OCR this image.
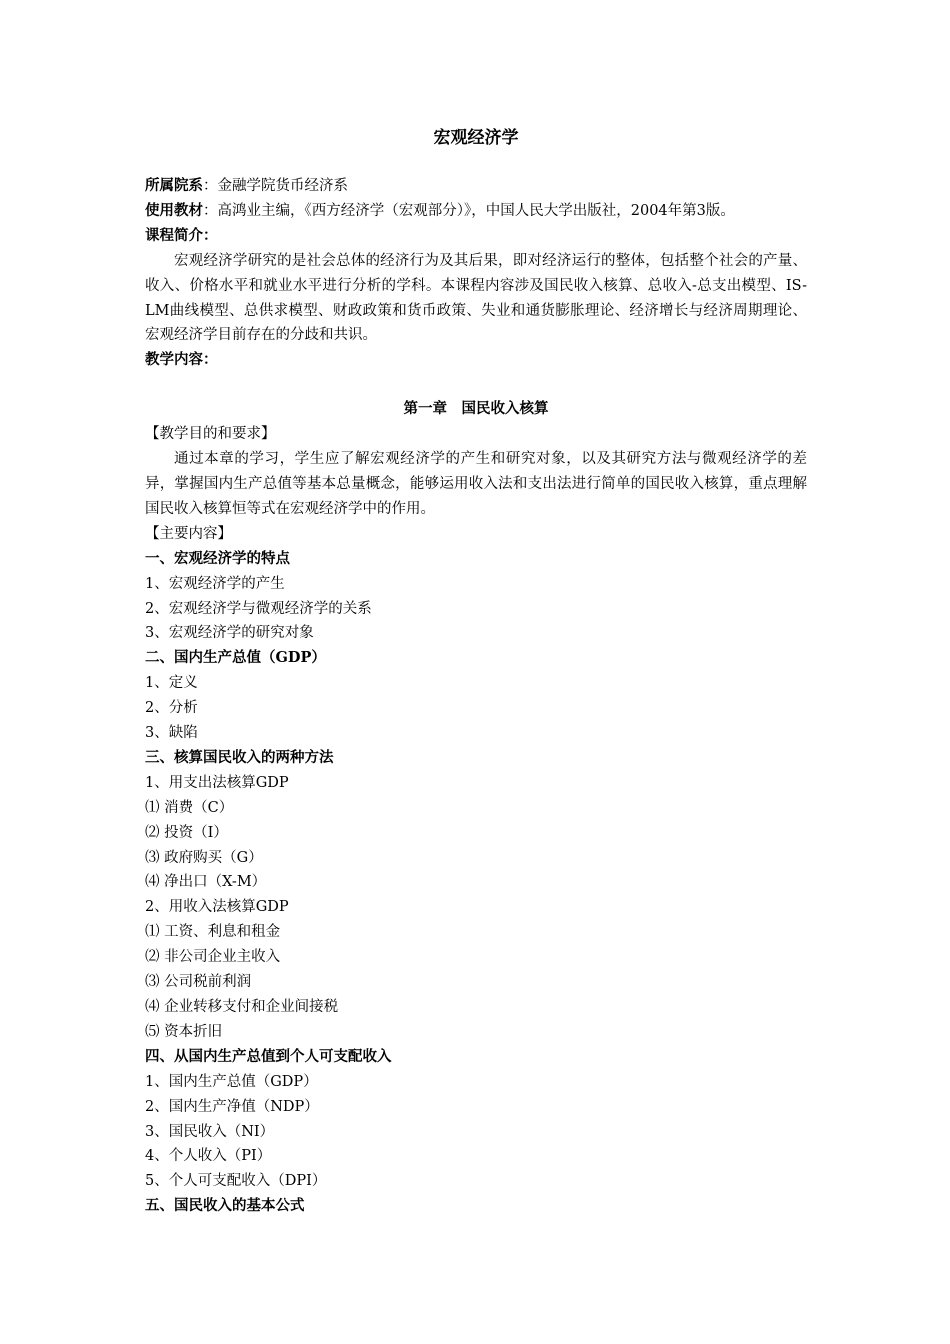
宏观经济学
所属院系：金融学院货币经济系
使用教材：高鸿业主编，《西方经济学（宏观部分）》，中国人民大学出版社，2004年第3版。
课程简介：

宏观经济学研究的是社会总体的经济行为及其后果，即对经济运行的整体，包括整个社会的产量、收入、价格水平和就业水平进行分析的学科。本课程内容涉及国民收入核算、总收入-总支出模型、IS-LM曲线模型、总供求模型、财政政策和货币政策、失业和通货膨胀理论、经济增长与经济周期理论、宏观经济学目前存在的分歧和共识。

教学内容：
第一章　国民收入核算
【教学目的和要求】

通过本章的学习，学生应了解宏观经济学的产生和研究对象，以及其研究方法与微观经济学的差异，掌握国内生产总值等基本总量概念，能够运用收入法和支出法进行简单的国民收入核算，重点理解国民收入核算恒等式在宏观经济学中的作用。

【主要内容】
一、宏观经济学的特点
1、宏观经济学的产生
2、宏观经济学与微观经济学的关系
3、宏观经济学的研究对象
二、国内生产总值（GDP）
1、定义
2、分析
3、缺陷
三、核算国民收入的两种方法
1、用支出法核算GDP
⑴ 消费（C）
⑵ 投资（I）
⑶ 政府购买（G）
⑷ 净出口（X-M）
2、用收入法核算GDP
⑴ 工资、利息和租金
⑵ 非公司企业主收入
⑶ 公司税前利润
⑷ 企业转移支付和企业间接税
⑸ 资本折旧
四、从国内生产总值到个人可支配收入
1、国内生产总值（GDP）
2、国内生产净值（NDP）
3、国民收入（NI）
4、个人收入（PI）
5、个人可支配收入（DPI）
五、国民收入的基本公式
